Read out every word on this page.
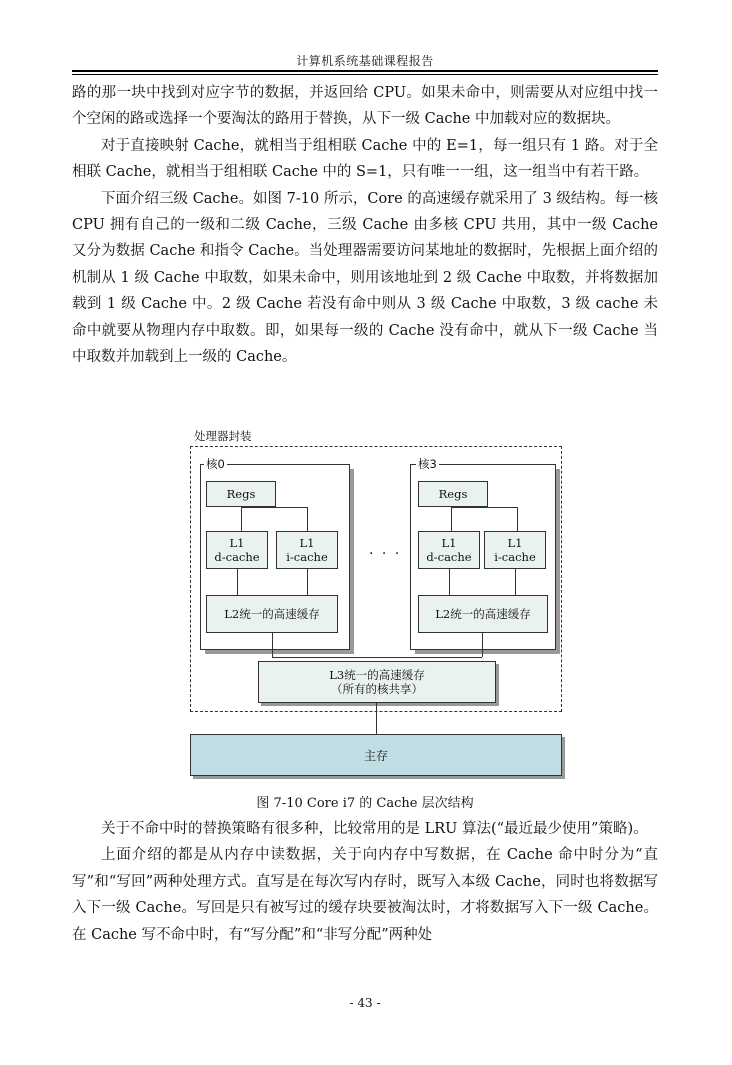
计算机系统基础课程报告

路的那一块中找到对应字节的数据，并返回给 CPU。如果未命中，则需要从对应组中找一个空闲的路或选择一个要淘汰的路用于替换，从下一级 Cache 中加载对应的数据块。

对于直接映射 Cache，就相当于组相联 Cache 中的 E=1，每一组只有 1 路。对于全相联 Cache，就相当于组相联 Cache 中的 S=1，只有唯一一组，这一组当中有若干路。

下面介绍三级 Cache。如图 7-10 所示，Core 的高速缓存就采用了 3 级结构。每一核 CPU 拥有自己的一级和二级 Cache，三级 Cache 由多核 CPU 共用，其中一级 Cache 又分为数据 Cache 和指令 Cache。当处理器需要访问某地址的数据时，先根据上面介绍的机制从 1 级 Cache 中取数，如果未命中，则用该地址到 2 级 Cache 中取数，并将数据加载到 1 级 Cache 中。2 级 Cache 若没有命中则从 3 级 Cache 中取数，3 级 cache 未命中就要从物理内存中取数。即，如果每一级的 Cache 没有命中，就从下一级 Cache 当中取数并加载到上一级的 Cache。

处理器封装
核0
Regs
L1
d-cache
L1
i-cache
L2统一的高速缓存
· · ·
核3
Regs
L1
d-cache
L1
i-cache
L2统一的高速缓存
L3统一的高速缓存
（所有的核共享）
主存
图 7-10 Core i7 的 Cache 层次结构

关于不命中时的替换策略有很多种，比较常用的是 LRU 算法(“最近最少使用”策略)。

上面介绍的都是从内存中读数据，关于向内存中写数据，在 Cache 命中时分为“直写”和“写回”两种处理方式。直写是在每次写内存时，既写入本级 Cache，同时也将数据写入下一级 Cache。写回是只有被写过的缓存块要被淘汰时，才将数据写入下一级 Cache。在 Cache 写不命中时，有“写分配”和“非写分配”两种处

- 43 -
